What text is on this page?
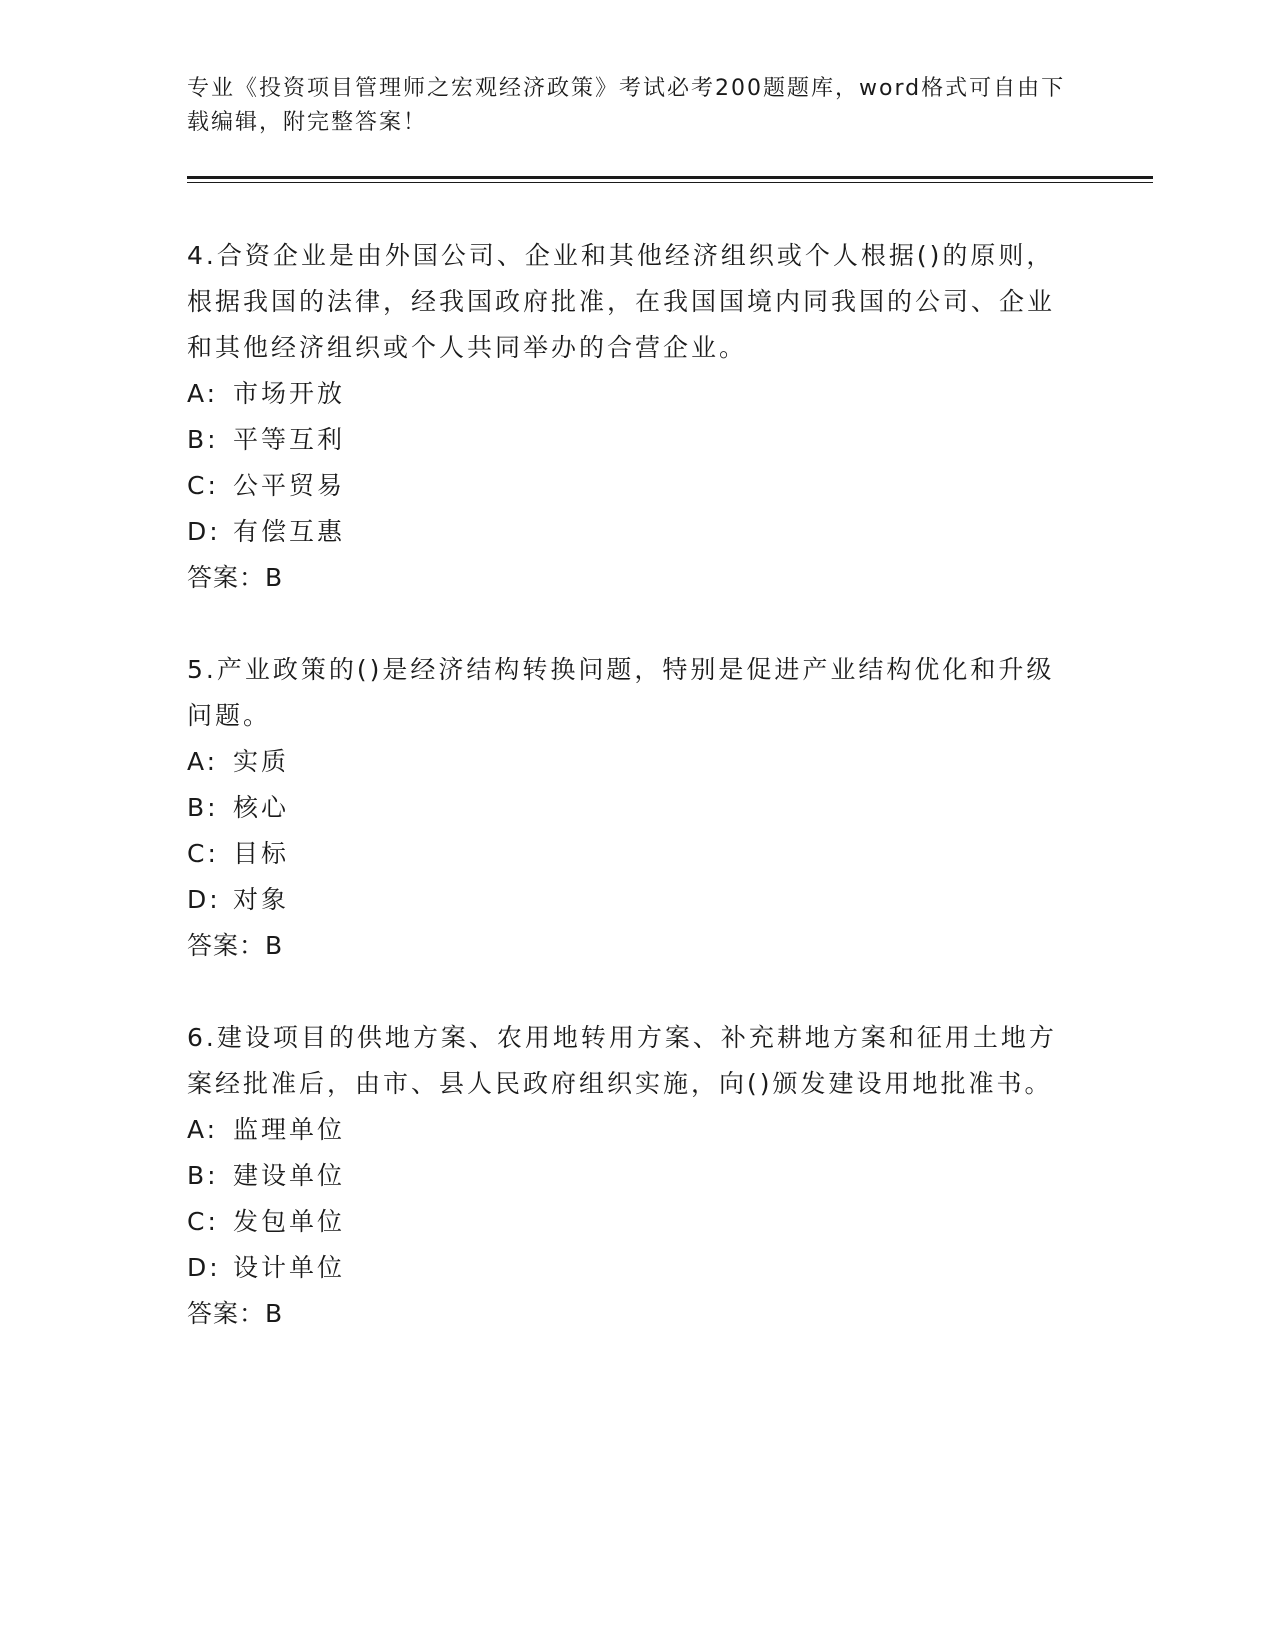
专业《投资项目管理师之宏观经济政策》考试必考200题题库，word格式可自由下载编辑，附完整答案！

4.合资企业是由外国公司、企业和其他经济组织或个人根据()的原则，根据我国的法律，经我国政府批准，在我国国境内同我国的公司、企业和其他经济组织或个人共同举办的合营企业。

A: 市场开放
B: 平等互利
C: 公平贸易
D: 有偿互惠
答案：B

5.产业政策的()是经济结构转换问题，特别是促进产业结构优化和升级问题。

A: 实质
B: 核心
C: 目标
D: 对象
答案：B

6.建设项目的供地方案、农用地转用方案、补充耕地方案和征用土地方案经批准后，由市、县人民政府组织实施，向()颁发建设用地批准书。

A: 监理单位
B: 建设单位
C: 发包单位
D: 设计单位
答案：B
